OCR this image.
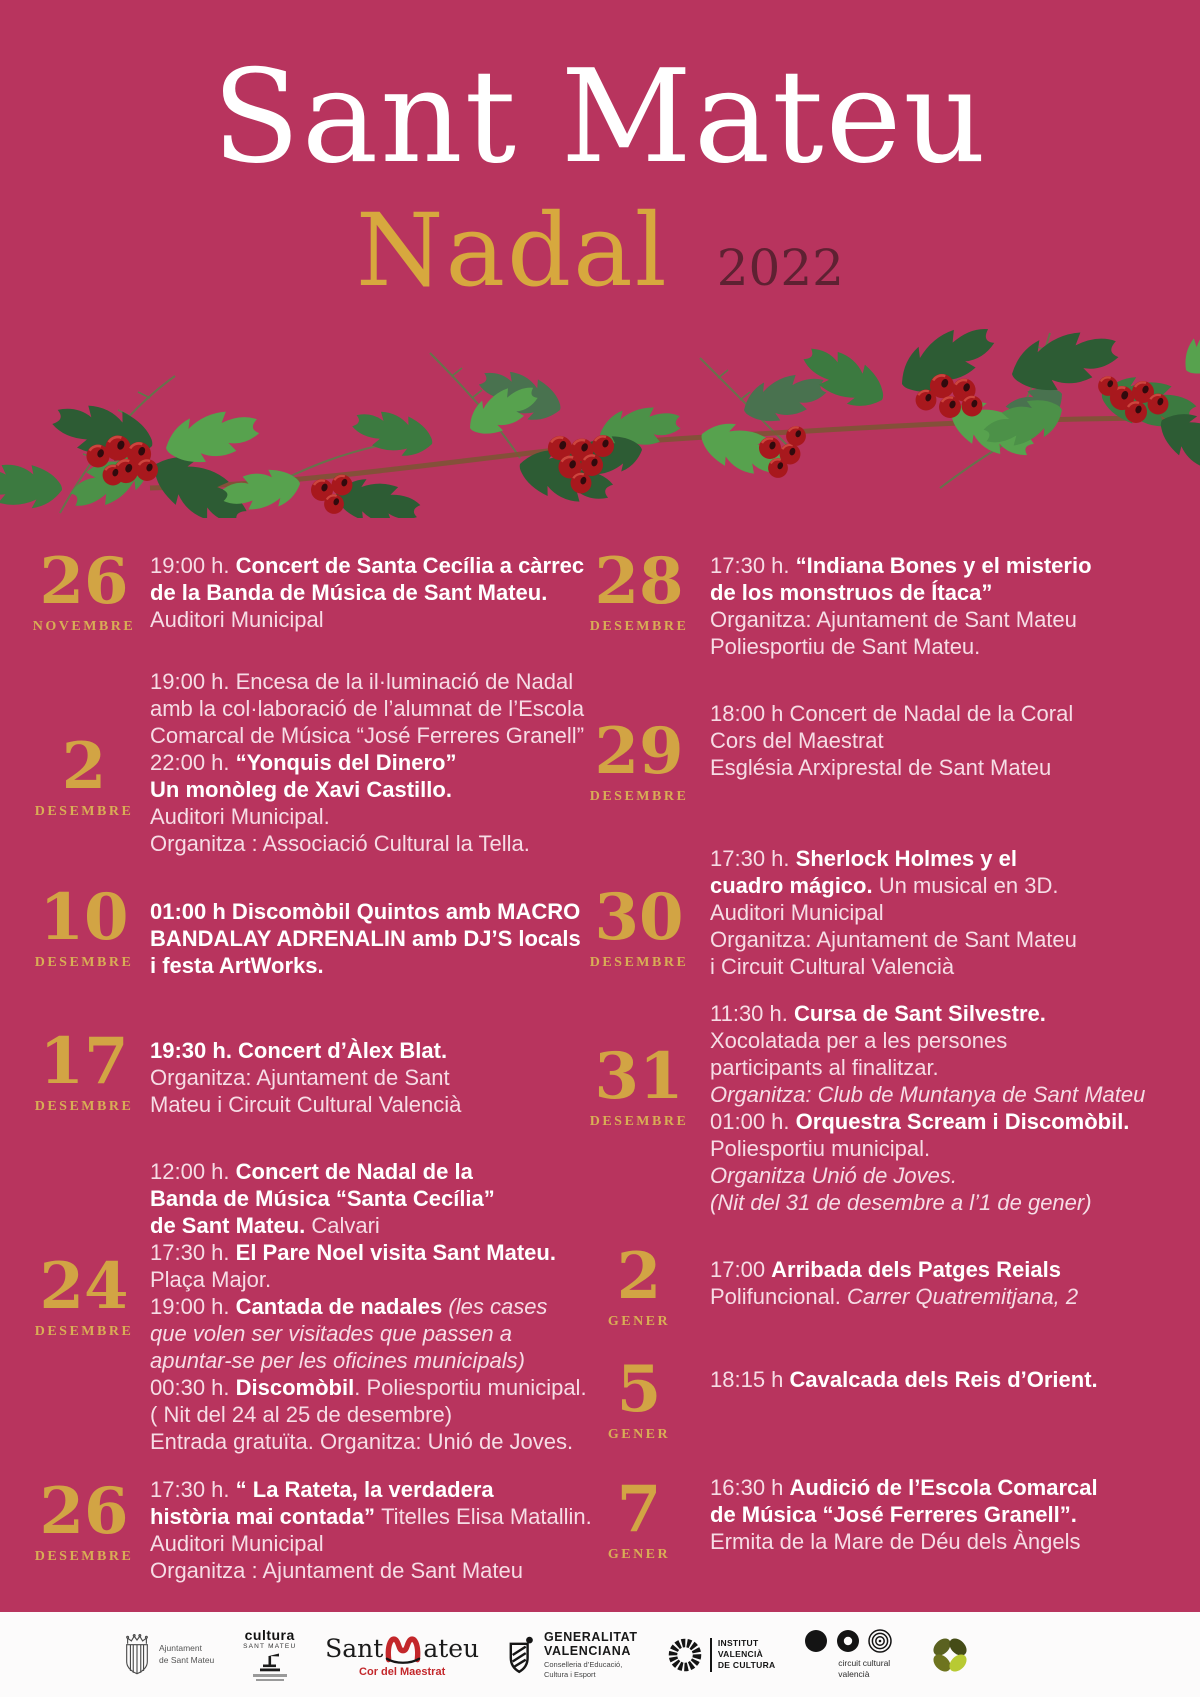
Sant Mateu
Nadal 2022
26
NOVEMBRE
19:00 h. Concert de Santa Cecília a càrrec
de la Banda de Música de Sant Mateu.
Auditori Municipal
2
DESEMBRE
19:00 h. Encesa de la il·luminació de Nadal
amb la col·laboració de l’alumnat de l’Escola
Comarcal de Música “José Ferreres Granell”
22:00 h. “Yonquis del Dinero”
Un monòleg de Xavi Castillo.
Auditori Municipal.
Organitza : Associació Cultural la Tella.
10
DESEMBRE
01:00 h Discomòbil Quintos amb MACRO
BANDALAY ADRENALIN amb DJ’S locals
i festa ArtWorks.
17
DESEMBRE
19:30 h. Concert d’Àlex Blat.
Organitza: Ajuntament de Sant
Mateu i Circuit Cultural Valencià
24
DESEMBRE
12:00 h. Concert de Nadal de la
Banda de Música “Santa Cecília”
de Sant Mateu. Calvari
17:30 h. El Pare Noel visita Sant Mateu.
Plaça Major.
19:00 h. Cantada de nadales (les cases
que volen ser visitades que passen a
apuntar-se per les oficines municipals)
00:30 h. Discomòbil. Poliesportiu municipal.
( Nit del 24 al 25 de desembre)
Entrada gratuïta. Organitza: Unió de Joves.
26
DESEMBRE
17:30 h. “ La Rateta, la verdadera
història mai contada” Titelles Elisa Matallin.
Auditori Municipal
Organitza : Ajuntament de Sant Mateu
28
DESEMBRE
17:30 h. “Indiana Bones y el misterio
de los monstruos de Ítaca”
Organitza: Ajuntament de Sant Mateu
Poliesportiu de Sant Mateu.
29
DESEMBRE
18:00 h Concert de Nadal de la Coral
Cors del Maestrat
Església Arxiprestal de Sant Mateu
30
DESEMBRE
17:30 h. Sherlock Holmes y el
cuadro mágico. Un musical en 3D.
Auditori Municipal
Organitza: Ajuntament de Sant Mateu
i Circuit Cultural Valencià
31
DESEMBRE
11:30 h. Cursa de Sant Silvestre.
Xocolatada per a les persones
participants al finalitzar.
Organitza: Club de Muntanya de Sant Mateu
01:00 h. Orquestra Scream i Discomòbil.
Poliesportiu municipal.
Organitza Unió de Joves.
(Nit del 31 de desembre a l’1 de gener)
2
GENER
17:00 Arribada dels Patges Reials
Polifuncional. Carrer Quatremitjana, 2
5
GENER
18:15 h Cavalcada dels Reis d’Orient.
7
GENER
16:30 h Audició de l’Escola Comarcal
de Música “José Ferreres Granell”.
Ermita de la Mare de Déu dels Àngels
Ajuntament
de Sant Mateu
cultura
SANT MATEU Sant ateu
Cor del Maestrat
GENERALITAT
VALENCIANA
Conselleria d’Educació,
Cultura i Esport
INSTITUT
VALENCIÀ
DE CULTURA	circuit cultural
valencià
